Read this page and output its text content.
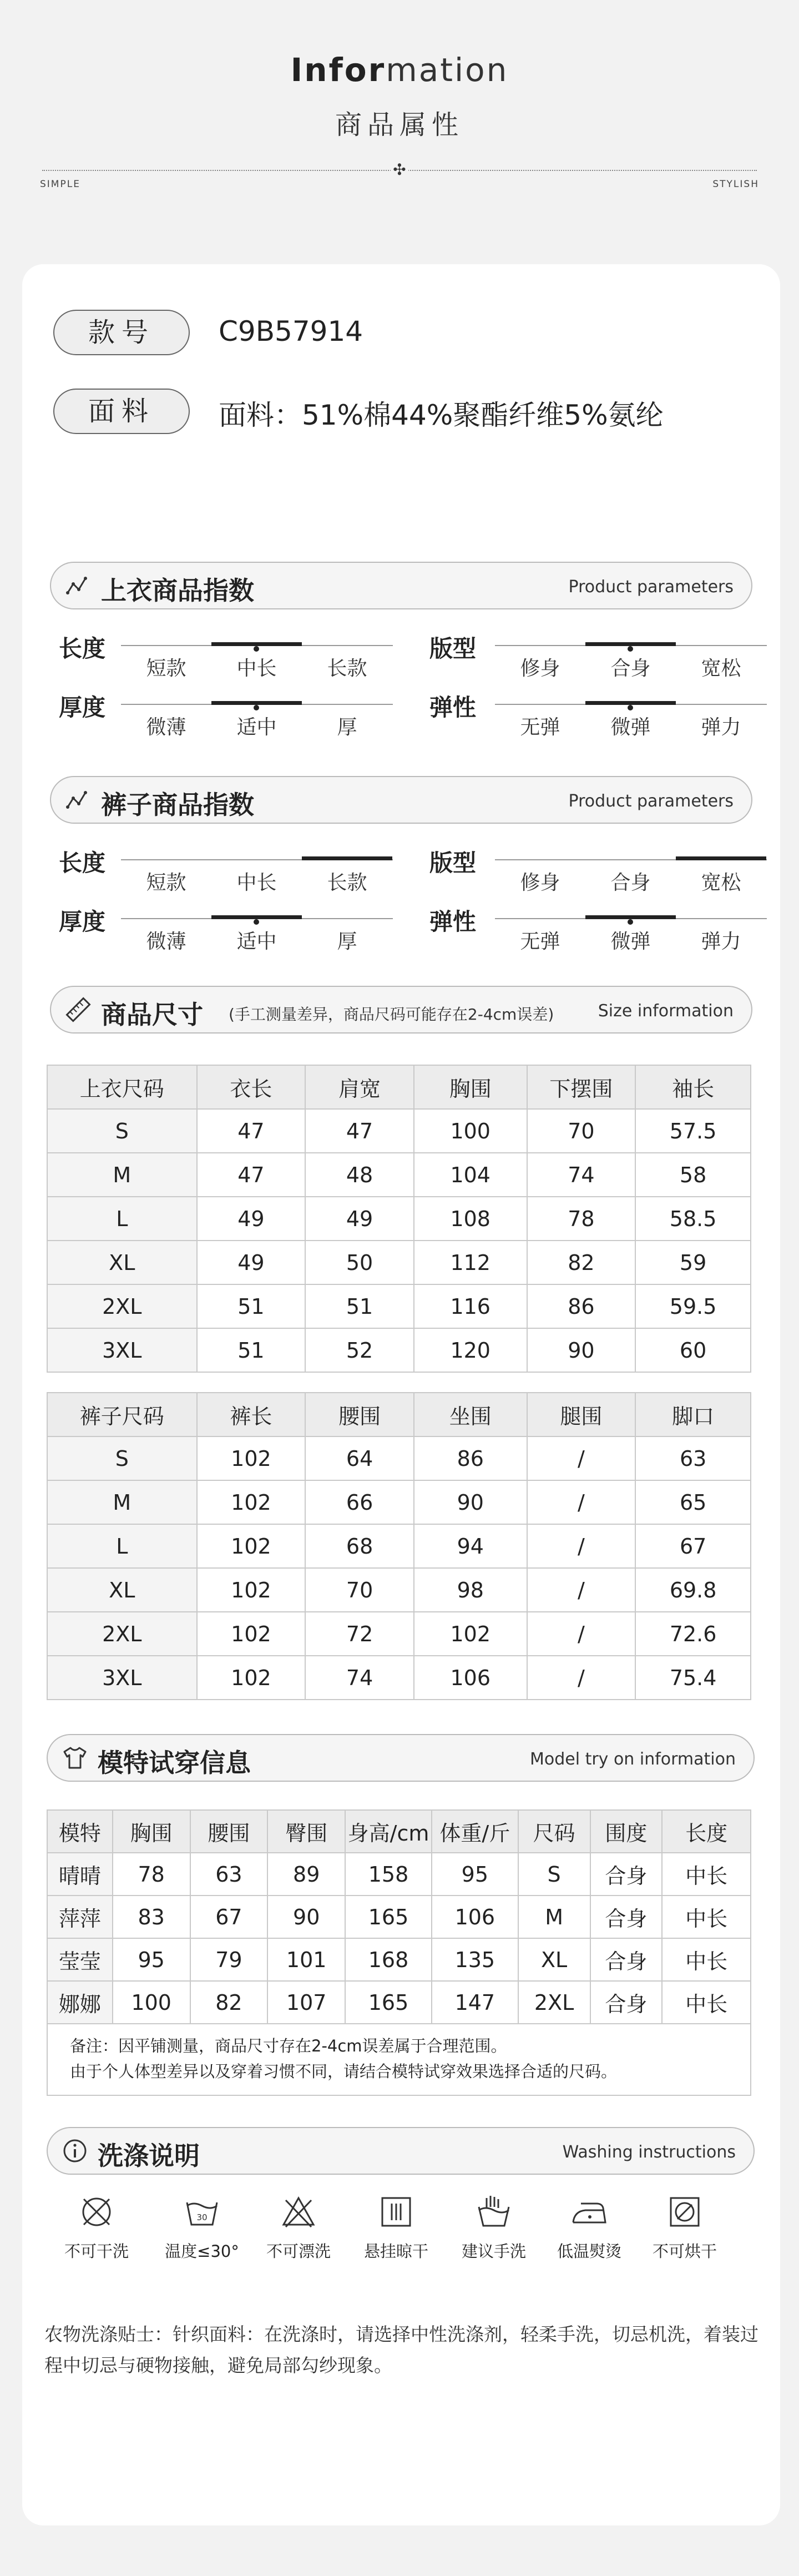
Information
商品属性
✣
SIMPLE	STYLISH
款号	C9B57914
面料	面料：51%棉44%聚酯纤维5%氨纶
上衣商品指数	Product parameters
长度
短款	中长	长款
版型
修身	合身	宽松
厚度
微薄	适中	厚
弹性
无弹	微弹	弹力
裤子商品指数	Product parameters
长度
短款	中长	长款
版型
修身	合身	宽松
厚度
微薄	适中	厚
弹性
无弹	微弹	弹力
商品尺寸 (手工测量差异，商品尺码可能存在2-4cm误差)	Size information
上衣尺码	衣长	肩宽	胸围	下摆围	袖长
S	47	47	100	70	57.5
M	47	48	104	74	58
L	49	49	108	78	58.5
XL	49	50	112	82	59
2XL	51	51	116	86	59.5
3XL	51	52	120	90	60
裤子尺码	裤长	腰围	坐围	腿围	脚口
S	102	64	86	/	63
M	102	66	90	/	65
L	102	68	94	/	67
XL	102	70	98	/	69.8
2XL	102	72	102	/	72.6
3XL	102	74	106	/	75.4
模特试穿信息	Model try on information
模特	胸围	腰围	臀围	身高/cm	体重/斤	尺码	围度	长度
晴晴	78	63	89	158	95	S	合身	中长
萍萍	83	67	90	165	106	M	合身	中长
莹莹	95	79	101	168	135	XL	合身	中长
娜娜	100	82	107	165	147	2XL	合身	中长

备注：因平铺测量，商品尺寸存在2-4cm误差属于合理范围。

由于个人体型差异以及穿着习惯不同，请结合模特试穿效果选择合适的尺码。

洗涤说明	Washing instructions
不可干洗
30
温度≤30°	不可漂洗	悬挂晾干	建议手洗	低温熨烫	不可烘干
农物洗涤贴士：针织面料：在洗涤时，请选择中性洗涤剂，轻柔手洗，切忌机洗，着装过
程中切忌与硬物接触，避免局部勾纱现象。
